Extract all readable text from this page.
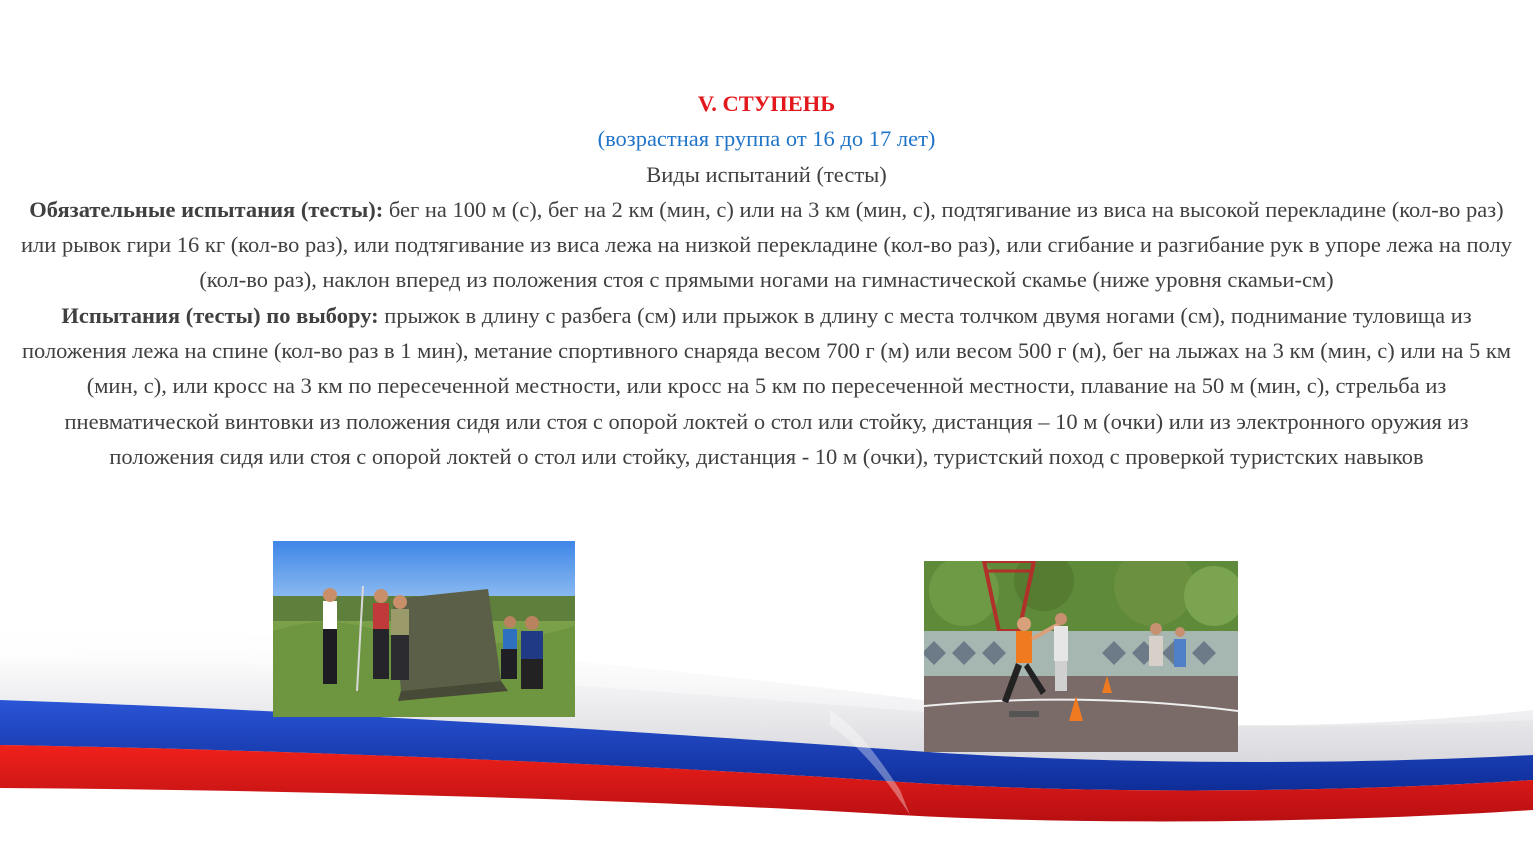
V. СТУПЕНЬ
(возрастная группа от 16 до 17 лет)
Виды испытаний (тесты)
Обязательные испытания (тесты): бег на 100 м (с), бег на 2 км (мин, с) или на 3 км (мин, с), подтягивание из виса на высокой перекладине (кол-во раз) или рывок гири 16 кг (кол-во раз), или подтягивание из виса лежа на низкой перекладине (кол-во раз), или сгибание и разгибание рук в упоре лежа на полу (кол-во раз), наклон вперед из положения стоя с прямыми ногами на гимнастической скамье (ниже уровня скамьи-см)
Испытания (тесты) по выбору: прыжок в длину с разбега (см) или прыжок в длину с места толчком двумя ногами (см), поднимание туловища из положения лежа на спине (кол-во раз в 1 мин), метание спортивного снаряда весом 700 г (м) или весом 500 г (м), бег на лыжах на 3 км (мин, с) или на 5 км (мин, с), или кросс на 3 км по пересеченной местности, или кросс на 5 км по пересеченной местности, плавание на 50 м (мин, с), стрельба из пневматической винтовки из положения сидя или стоя с опорой локтей о стол или стойку, дистанция – 10 м (очки) или из электронного оружия из положения сидя или стоя с опорой локтей о стол или стойку, дистанция - 10 м (очки), туристский поход с проверкой туристских навыков
